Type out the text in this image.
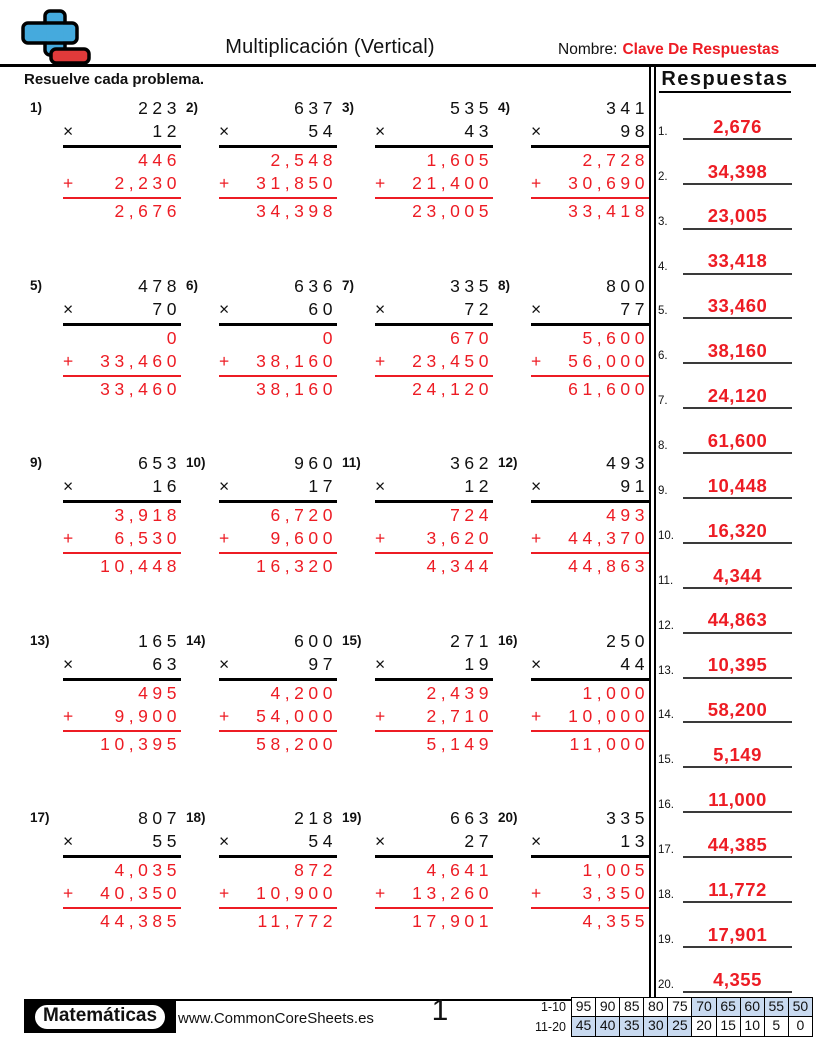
Multiplicación (Vertical)	Nombre: Clave De Respuestas
Resuelve cada problema.
1)	223
×	12
446
+ 2,230
2,676
2)	637
×	54
2,548
+ 31,850
34,398
3)	535
×	43
1,605
+ 21,400
23,005
4)	341
×	98
2,728
+ 30,690
33,418
5)	478
×	70
0
+ 33,460
33,460
6)	636
×	60
0
+ 38,160
38,160
7)	335
×	72
670
+ 23,450
24,120
8)	800
×	77
5,600
+ 56,000
61,600
9)	653
×	16
3,918
+ 6,530
10,448
10)	960
×	17
6,720
+ 9,600
16,320
11)	362
×	12
724
+ 3,620
4,344
12)	493
×	91
493
+ 44,370
44,863
13)	165
×	63
495
+ 9,900
10,395
14)	600
×	97
4,200
+ 54,000
58,200
15)	271
×	19
2,439
+ 2,710
5,149
16)	250
×	44
1,000
+ 10,000
11,000
17)	807
×	55
4,035
+ 40,350
44,385
18)	218
×	54
872
+ 10,900
11,772
19)	663
×	27
4,641
+ 13,260
17,901
20)	335
×	13
1,005
+ 3,350
4,355
Respuestas
1.	2,676
2.	34,398
3.	23,005
4.	33,418
5.	33,460
6.	38,160
7.	24,120
8.	61,600
9.	10,448
10.	16,320
11.	4,344
12.	44,863
13.	10,395
14.	58,200
15.	5,149
16.	11,000
17.	44,385
18.	11,772
19.	17,901
20.	4,355
Matemáticas	www.CommonCoreSheets.es	1	1-10 95 90 85 80 75 70 65 60 55 50
11-20 45 40 35 30 25 20 15 10 5	0
